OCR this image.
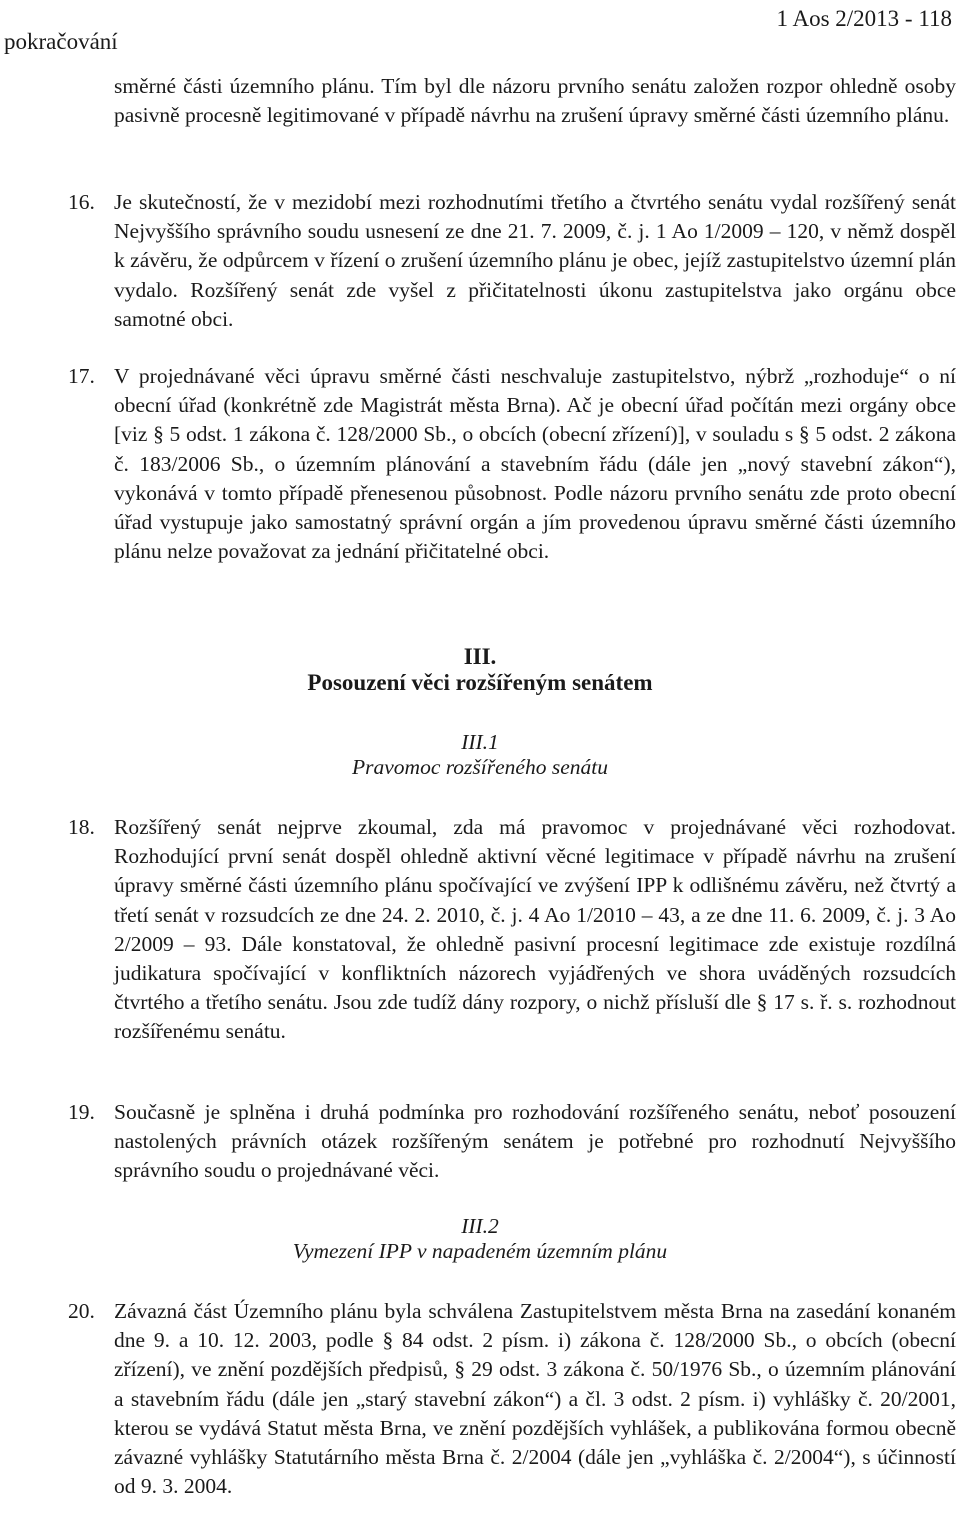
pokračování
1 Aos 2/2013 - 118
směrné části územního plánu. Tím byl dle názoru prvního senátu založen rozpor ohledně osoby pasivně procesně legitimované v případě návrhu na zrušení úpravy směrné části územního plánu.
16. Je skutečností, že v mezidobí mezi rozhodnutími třetího a čtvrtého senátu vydal rozšířený senát Nejvyššího správního soudu usnesení ze dne 21. 7. 2009, č. j. 1 Ao 1/2009 – 120, v němž dospěl k závěru, že odpůrcem v řízení o zrušení územního plánu je obec, jejíž zastupitelstvo územní plán vydalo. Rozšířený senát zde vyšel z přičitatelnosti úkonu zastupitelstva jako orgánu obce samotné obci.
17. V projednávané věci úpravu směrné části neschvaluje zastupitelstvo, nýbrž „rozhoduje“ o ní obecní úřad (konkrétně zde Magistrát města Brna). Ač je obecní úřad počítán mezi orgány obce [viz § 5 odst. 1 zákona č. 128/2000 Sb., o obcích (obecní zřízení)], v souladu s § 5 odst. 2 zákona č. 183/2006 Sb., o územním plánování a stavebním řádu (dále jen „nový stavební zákon“), vykonává v tomto případě přenesenou působnost. Podle názoru prvního senátu zde proto obecní úřad vystupuje jako samostatný správní orgán a jím provedenou úpravu směrné části územního plánu nelze považovat za jednání přičitatelné obci.
III.
Posouzení věci rozšířeným senátem
III.1
Pravomoc rozšířeného senátu
18. Rozšířený senát nejprve zkoumal, zda má pravomoc v projednávané věci rozhodovat. Rozhodující první senát dospěl ohledně aktivní věcné legitimace v případě návrhu na zrušení úpravy směrné části územního plánu spočívající ve zvýšení IPP k odlišnému závěru, než čtvrtý a třetí senát v rozsudcích ze dne 24. 2. 2010, č. j. 4 Ao 1/2010 – 43, a ze dne 11. 6. 2009, č. j. 3 Ao 2/2009 – 93. Dále konstatoval, že ohledně pasivní procesní legitimace zde existuje rozdílná judikatura spočívající v konfliktních názorech vyjádřených ve shora uváděných rozsudcích čtvrtého a třetího senátu. Jsou zde tudíž dány rozpory, o nichž přísluší dle § 17 s. ř. s. rozhodnout rozšířenému senátu.
19. Současně je splněna i druhá podmínka pro rozhodování rozšířeného senátu, neboť posouzení nastolených právních otázek rozšířeným senátem je potřebné pro rozhodnutí Nejvyššího správního soudu o projednávané věci.
III.2
Vymezení IPP v napadeném územním plánu
20. Závazná část Územního plánu byla schválena Zastupitelstvem města Brna na zasedání konaném dne 9. a 10. 12. 2003, podle § 84 odst. 2 písm. i) zákona č. 128/2000 Sb., o obcích (obecní zřízení), ve znění pozdějších předpisů, § 29 odst. 3 zákona č. 50/1976 Sb., o územním plánování a stavebním řádu (dále jen „starý stavební zákon“) a čl. 3 odst. 2 písm. i) vyhlášky č. 20/2001, kterou se vydává Statut města Brna, ve znění pozdějších vyhlášek, a publikována formou obecně závazné vyhlášky Statutárního města Brna č. 2/2004 (dále jen „vyhláška č. 2/2004“), s účinností od 9. 3. 2004.
